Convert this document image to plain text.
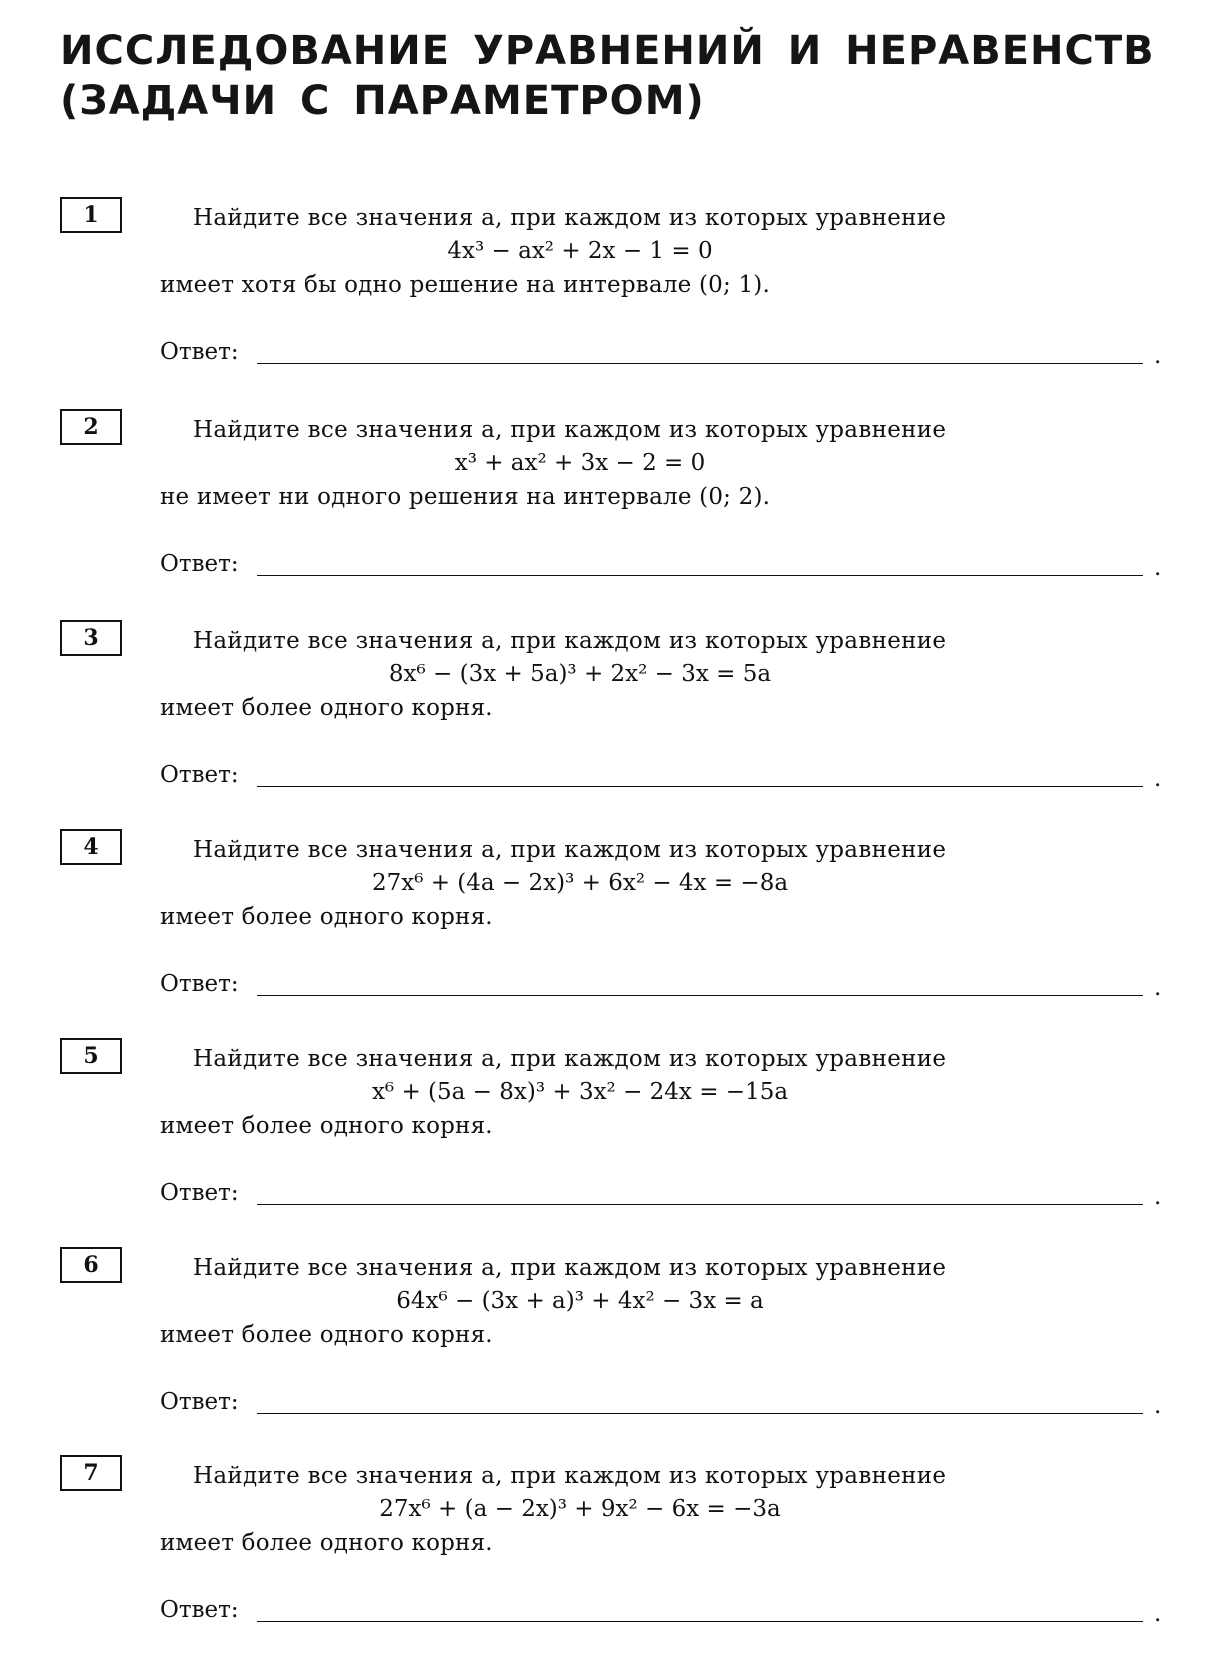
ИССЛЕДОВАНИЕ УРАВНЕНИЙ И НЕРАВЕНСТВ
(ЗАДАЧИ С ПАРАМЕТРОМ)
1	Найдите все значения a, при каждом из которых уравнение
4x³ − ax² + 2x − 1 = 0
имеет хотя бы одно решение на интервале (0; 1).
Ответ:	.
2	Найдите все значения a, при каждом из которых уравнение
x³ + ax² + 3x − 2 = 0
не имеет ни одного решения на интервале (0; 2).
Ответ:	.
3	Найдите все значения a, при каждом из которых уравнение
8x⁶ − (3x + 5a)³ + 2x² − 3x = 5a
имеет более одного корня.
Ответ:	.
4	Найдите все значения a, при каждом из которых уравнение
27x⁶ + (4a − 2x)³ + 6x² − 4x = −8a
имеет более одного корня.
Ответ:	.
5	Найдите все значения a, при каждом из которых уравнение
x⁶ + (5a − 8x)³ + 3x² − 24x = −15a
имеет более одного корня.
Ответ:	.
6	Найдите все значения a, при каждом из которых уравнение
64x⁶ − (3x + a)³ + 4x² − 3x = a
имеет более одного корня.
Ответ:	.
7	Найдите все значения a, при каждом из которых уравнение
27x⁶ + (a − 2x)³ + 9x² − 6x = −3a
имеет более одного корня.
Ответ:	.
